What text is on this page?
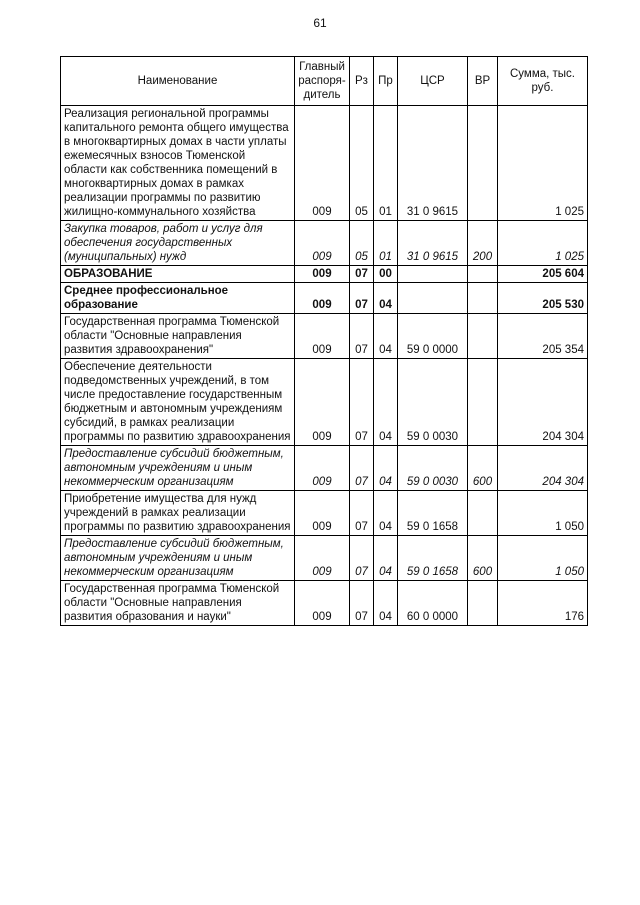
61
Наименование	Главный распоря-дитель	Рз	Пр	ЦСР	ВР	Сумма, тыс. руб.
Реализация региональной программы капитального ремонта общего имущества в многоквартирных домах в части уплаты ежемесячных взносов Тюменской области как собственника помещений в многоквартирных домах в рамках реализации программы по развитию жилищно-коммунального хозяйства	009	05	01	31 0 9615		1 025
Закупка товаров, работ и услуг для обеспечения государственных (муниципальных) нужд	009	05	01	31 0 9615	200	1 025
ОБРАЗОВАНИЕ	009	07	00			205 604
Среднее профессиональное образование	009	07	04			205 530
Государственная программа Тюменской области "Основные направления развития здравоохранения"	009	07	04	59 0 0000		205 354
Обеспечение деятельности подведомственных учреждений, в том числе предоставление государственным бюджетным и автономным учреждениям субсидий, в рамках реализации программы по развитию здравоохранения	009	07	04	59 0 0030		204 304
Предоставление субсидий бюджетным, автономным учреждениям и иным некоммерческим организациям	009	07	04	59 0 0030	600	204 304
Приобретение имущества для нужд учреждений в рамках реализации программы по развитию здравоохранения	009	07	04	59 0 1658		1 050
Предоставление субсидий бюджетным, автономным учреждениям и иным некоммерческим организациям	009	07	04	59 0 1658	600	1 050
Государственная программа Тюменской области "Основные направления развития образования и науки"	009	07	04	60 0 0000		176
